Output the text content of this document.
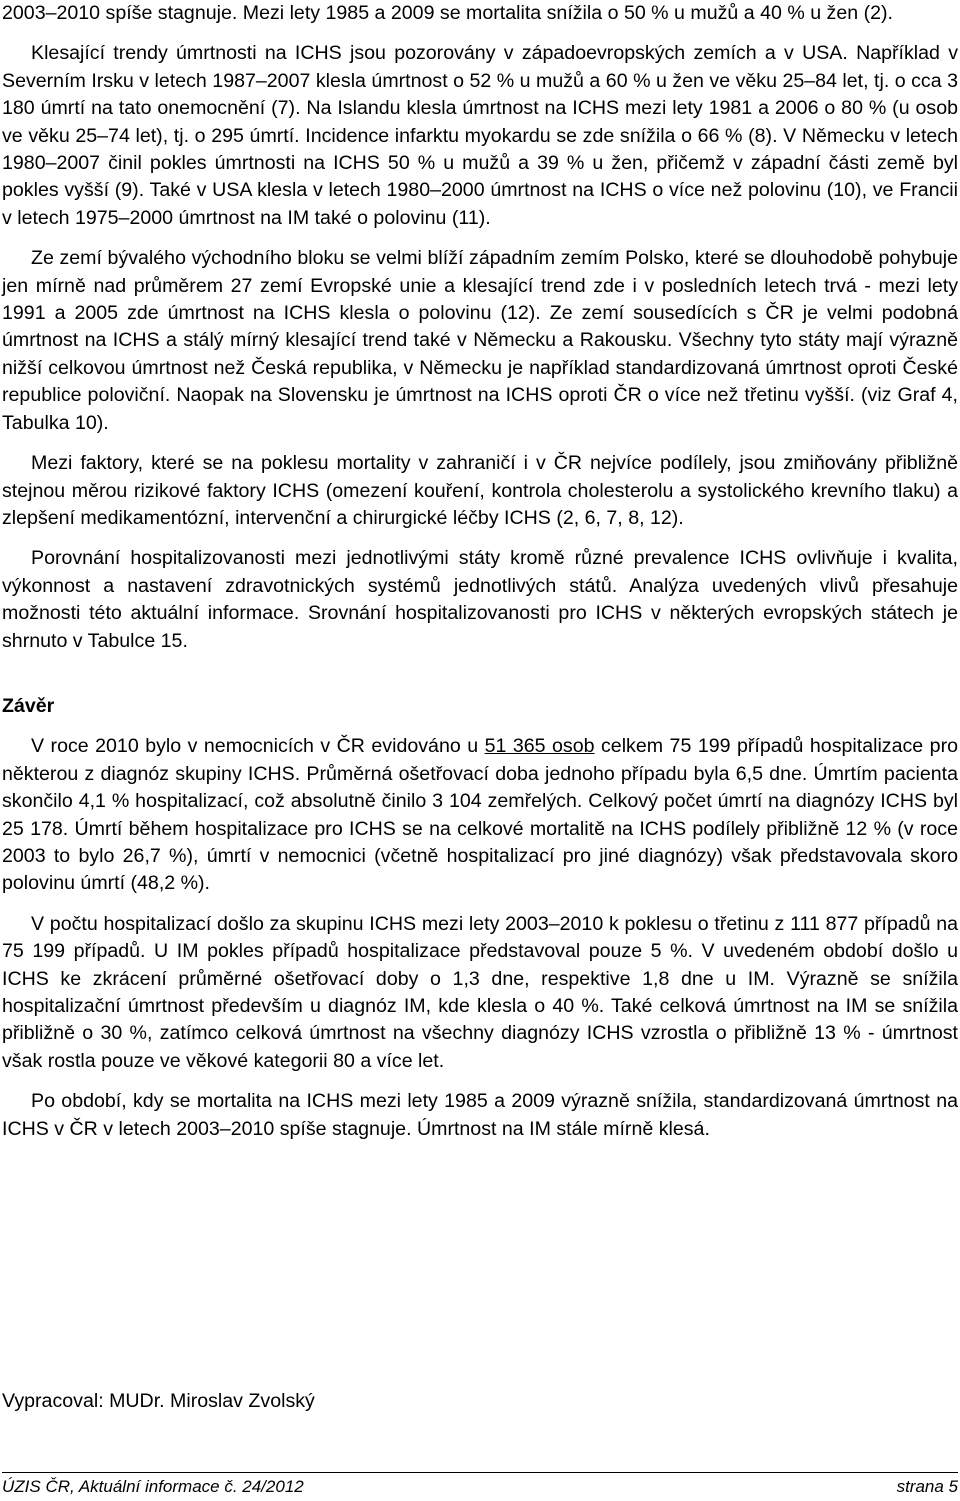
2003–2010 spíše stagnuje. Mezi lety 1985 a 2009 se mortalita snížila o 50 % u mužů a 40 % u žen (2).

Klesající trendy úmrtnosti na ICHS jsou pozorovány v západoevropských zemích a v USA. Například v Severním Irsku v letech 1987–2007 klesla úmrtnost o 52 % u mužů a 60 % u žen ve věku 25–84 let, tj. o cca 3 180 úmrtí na tato onemocnění (7). Na Islandu klesla úmrtnost na ICHS mezi lety 1981 a 2006 o 80 % (u osob ve věku 25–74 let), tj. o 295 úmrtí. Incidence infarktu myokardu se zde snížila o 66 % (8). V Německu v letech 1980–2007 činil pokles úmrtnosti na ICHS 50 % u mužů a 39 % u žen, přičemž v západní části země byl pokles vyšší (9). Také v USA klesla v letech 1980–2000 úmrtnost na ICHS o více než polovinu (10), ve Francii v letech 1975–2000 úmrtnost na IM také o polovinu (11).

Ze zemí bývalého východního bloku se velmi blíží západním zemím Polsko, které se dlouhodobě pohybuje jen mírně nad průměrem 27 zemí Evropské unie a klesající trend zde i v posledních letech trvá - mezi lety 1991 a 2005 zde úmrtnost na ICHS klesla o polovinu (12). Ze zemí sousedících s ČR je velmi podobná úmrtnost na ICHS a stálý mírný klesající trend také v Německu a Rakousku. Všechny tyto státy mají výrazně nižší celkovou úmrtnost než Česká republika, v Německu je například standardizovaná úmrtnost oproti České republice poloviční. Naopak na Slovensku je úmrtnost na ICHS oproti ČR o více než třetinu vyšší. (viz Graf 4, Tabulka 10).

Mezi faktory, které se na poklesu mortality v zahraničí i v ČR nejvíce podílely, jsou zmiňovány přibližně stejnou měrou rizikové faktory ICHS (omezení kouření, kontrola cholesterolu a systolického krevního tlaku) a zlepšení medikamentózní, intervenční a chirurgické léčby ICHS (2, 6, 7, 8, 12).

Porovnání hospitalizovanosti mezi jednotlivými státy kromě různé prevalence ICHS ovlivňuje i kvalita, výkonnost a nastavení zdravotnických systémů jednotlivých států. Analýza uvedených vlivů přesahuje možnosti této aktuální informace. Srovnání hospitalizovanosti pro ICHS v některých evropských státech je shrnuto v Tabulce 15.

Závěr

V roce 2010 bylo v nemocnicích v ČR evidováno u 51 365 osob celkem 75 199 případů hospitalizace pro některou z diagnóz skupiny ICHS. Průměrná ošetřovací doba jednoho případu byla 6,5 dne. Úmrtím pacienta skončilo 4,1 % hospitalizací, což absolutně činilo 3 104 zemřelých. Celkový počet úmrtí na diagnózy ICHS byl 25 178. Úmrtí během hospitalizace pro ICHS se na celkové mortalitě na ICHS podílely přibližně 12 % (v roce 2003 to bylo 26,7 %), úmrtí v nemocnici (včetně hospitalizací pro jiné diagnózy) však představovala skoro polovinu úmrtí (48,2 %).

V počtu hospitalizací došlo za skupinu ICHS mezi lety 2003–2010 k poklesu o třetinu z 111 877 případů na 75 199 případů. U IM pokles případů hospitalizace představoval pouze 5 %. V uvedeném období došlo u ICHS ke zkrácení průměrné ošetřovací doby o 1,3 dne, respektive 1,8 dne u IM. Výrazně se snížila hospitalizační úmrtnost především u diagnóz IM, kde klesla o 40 %. Také celková úmrtnost na IM se snížila přibližně o 30 %, zatímco celková úmrtnost na všechny diagnózy ICHS vzrostla o přibližně 13 % - úmrtnost však rostla pouze ve věkové kategorii 80 a více let.

Po období, kdy se mortalita na ICHS mezi lety 1985 a 2009 výrazně snížila, standardizovaná úmrtnost na ICHS v ČR v letech 2003–2010 spíše stagnuje. Úmrtnost na IM stále mírně klesá.

Vypracoval: MUDr. Miroslav Zvolský

ÚZIS ČR, Aktuální informace č. 24/2012	strana 5
